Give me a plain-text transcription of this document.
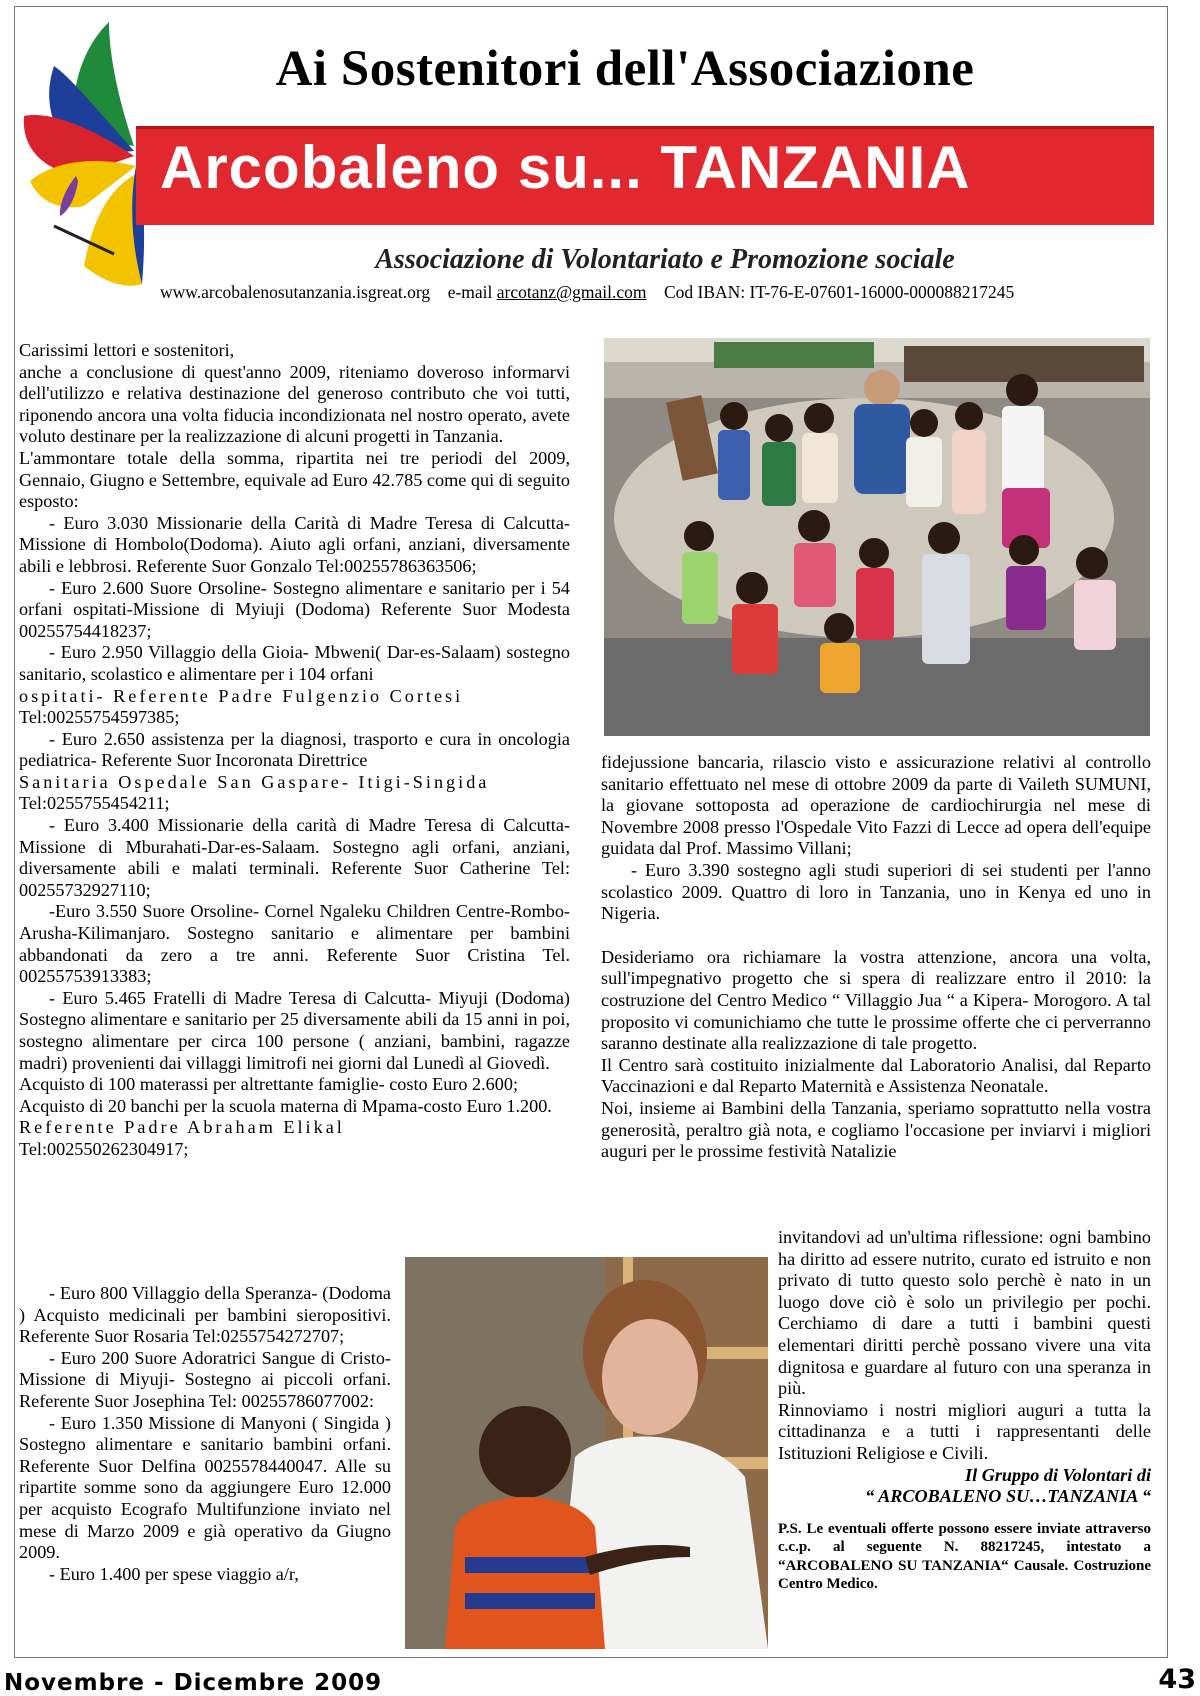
Ai Sostenitori dell'Associazione
Arcobaleno su... TANZANIA
Associazione di Volontariato e Promozione sociale
www.arcobalenosutanzania.isgreat.org e-mail arcotanz@gmail.com Cod IBAN: IT-76-E-07601-16000-000088217245

Carissimi lettori e sostenitori,

anche a conclusione di quest'anno 2009, riteniamo doveroso informarvi dell'utilizzo e relativa destinazione del generoso contributo che voi tutti, riponendo ancora una volta fiducia incondizionata nel nostro operato, avete voluto destinare per la realizzazione di alcuni progetti in Tanzania.

L'ammontare totale della somma, ripartita nei tre periodi del 2009, Gennaio, Giugno e Settembre, equivale ad Euro 42.785 come qui di seguito esposto:

- Euro 3.030 Missionarie della Carità di Madre Teresa di Calcutta- Missione di Hombolo(Dodoma). Aiuto agli orfani, anziani, diversamente abili e lebbrosi. Referente Suor Gonzalo Tel:00255786363506;

- Euro 2.600 Suore Orsoline- Sostegno alimentare e sanitario per i 54 orfani ospitati-Missione di Myiuji (Dodoma) Referente Suor Modesta 00255754418237;

- Euro 2.950 Villaggio della Gioia- Mbweni( Dar-es-Salaam) sostegno sanitario, scolastico e alimentare per i 104 orfani

ospitati- Referente Padre Fulgenzio Cortesi

Tel:00255754597385;

- Euro 2.650 assistenza per la diagnosi, trasporto e cura in oncologia pediatrica- Referente Suor Incoronata Direttrice

Sanitaria Ospedale San Gaspare- Itigi-Singida

Tel:0255755454211;

- Euro 3.400 Missionarie della carità di Madre Teresa di Calcutta- Missione di Mburahati-Dar-es-Salaam. Sostegno agli orfani, anziani, diversamente abili e malati terminali. Referente Suor Catherine Tel: 00255732927110;

-Euro 3.550 Suore Orsoline- Cornel Ngaleku Children Centre-Rombo- Arusha-Kilimanjaro. Sostegno sanitario e alimentare per bambini abbandonati da zero a tre anni. Referente Suor Cristina Tel. 00255753913383;

- Euro 5.465 Fratelli di Madre Teresa di Calcutta- Miyuji (Dodoma) Sostegno alimentare e sanitario per 25 diversamente abili da 15 anni in poi, sostegno alimentare per circa 100 persone ( anziani, bambini, ragazze madri) provenienti dai villaggi limitrofi nei giorni dal Lunedì al Giovedì.

Acquisto di 100 materassi per altrettante famiglie- costo Euro 2.600;

Acquisto di 20 banchi per la scuola materna di Mpama-costo Euro 1.200.

Referente Padre Abraham Elikal

Tel:002550262304917;

- Euro 800 Villaggio della Speranza- (Dodoma ) Acquisto medicinali per bambini sieropositivi. Referente Suor Rosaria Tel:0255754272707;

- Euro 200 Suore Adoratrici Sangue di Cristo- Missione di Miyuji- Sostegno ai piccoli orfani. Referente Suor Josephina Tel: 00255786077002:

- Euro 1.350 Missione di Manyoni ( Singida ) Sostegno alimentare e sanitario bambini orfani. Referente Suor Delfina 0025578440047. Alle su ripartite somme sono da aggiungere Euro 12.000 per acquisto Ecografo Multifunzione inviato nel mese di Marzo 2009 e già operativo da Giugno 2009.

- Euro 1.400 per spese viaggio a/r,

fidejussione bancaria, rilascio visto e assicurazione relativi al controllo sanitario effettuato nel mese di ottobre 2009 da parte di Vaileth SUMUNI, la giovane sottoposta ad operazione de cardiochirurgia nel mese di Novembre 2008 presso l'Ospedale Vito Fazzi di Lecce ad opera dell'equipe guidata dal Prof. Massimo Villani;

- Euro 3.390 sostegno agli studi superiori di sei studenti per l'anno scolastico 2009. Quattro di loro in Tanzania, uno in Kenya ed uno in Nigeria.

Desideriamo ora richiamare la vostra attenzione, ancora una volta, sull'impegnativo progetto che si spera di realizzare entro il 2010: la costruzione del Centro Medico “ Villaggio Jua “ a Kipera- Morogoro. A tal proposito vi comunichiamo che tutte le prossime offerte che ci perverranno saranno destinate alla realizzazione di tale progetto.

Il Centro sarà costituito inizialmente dal Laboratorio Analisi, dal Reparto Vaccinazioni e dal Reparto Maternità e Assistenza Neonatale.

Noi, insieme ai Bambini della Tanzania, speriamo soprattutto nella vostra generosità, peraltro già nota, e cogliamo l'occasione per inviarvi i migliori auguri per le prossime festività Natalizie

invitandovi ad un'ultima riflessione: ogni bambino ha diritto ad essere nutrito, curato ed istruito e non privato di tutto questo solo perchè è nato in un luogo dove ciò è solo un privilegio per pochi. Cerchiamo di dare a tutti i bambini questi elementari diritti perchè possano vivere una vita dignitosa e guardare al futuro con una speranza in più.

Rinnoviamo i nostri migliori auguri a tutta la cittadinanza e a tutti i rappresentanti delle Istituzioni Religiose e Civili.

Il Gruppo di Volontari di

“ ARCOBALENO SU…TANZANIA “

P.S. Le eventuali offerte possono essere inviate attraverso c.c.p. al seguente N. 88217245, intestato a “ARCOBALENO SU TANZANIA“ Causale. Costruzione Centro Medico.

Novembre - Dicembre 2009	43
